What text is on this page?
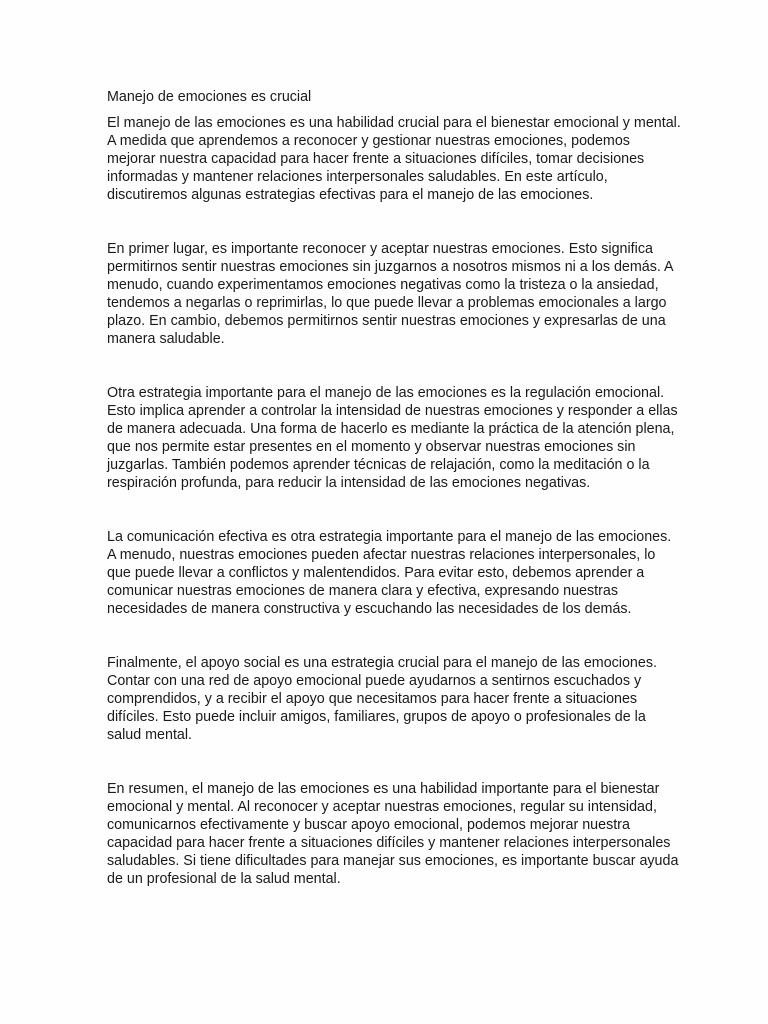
Manejo de emociones es crucial

El manejo de las emociones es una habilidad crucial para el bienestar emocional y mental.
A medida que aprendemos a reconocer y gestionar nuestras emociones, podemos
mejorar nuestra capacidad para hacer frente a situaciones difíciles, tomar decisiones
informadas y mantener relaciones interpersonales saludables. En este artículo,
discutiremos algunas estrategias efectivas para el manejo de las emociones.

En primer lugar, es importante reconocer y aceptar nuestras emociones. Esto significa
permitirnos sentir nuestras emociones sin juzgarnos a nosotros mismos ni a los demás. A
menudo, cuando experimentamos emociones negativas como la tristeza o la ansiedad,
tendemos a negarlas o reprimirlas, lo que puede llevar a problemas emocionales a largo
plazo. En cambio, debemos permitirnos sentir nuestras emociones y expresarlas de una
manera saludable.

Otra estrategia importante para el manejo de las emociones es la regulación emocional.
Esto implica aprender a controlar la intensidad de nuestras emociones y responder a ellas
de manera adecuada. Una forma de hacerlo es mediante la práctica de la atención plena,
que nos permite estar presentes en el momento y observar nuestras emociones sin
juzgarlas. También podemos aprender técnicas de relajación, como la meditación o la
respiración profunda, para reducir la intensidad de las emociones negativas.

La comunicación efectiva es otra estrategia importante para el manejo de las emociones.
A menudo, nuestras emociones pueden afectar nuestras relaciones interpersonales, lo
que puede llevar a conflictos y malentendidos. Para evitar esto, debemos aprender a
comunicar nuestras emociones de manera clara y efectiva, expresando nuestras
necesidades de manera constructiva y escuchando las necesidades de los demás.

Finalmente, el apoyo social es una estrategia crucial para el manejo de las emociones.
Contar con una red de apoyo emocional puede ayudarnos a sentirnos escuchados y
comprendidos, y a recibir el apoyo que necesitamos para hacer frente a situaciones
difíciles. Esto puede incluir amigos, familiares, grupos de apoyo o profesionales de la
salud mental.

En resumen, el manejo de las emociones es una habilidad importante para el bienestar
emocional y mental. Al reconocer y aceptar nuestras emociones, regular su intensidad,
comunicarnos efectivamente y buscar apoyo emocional, podemos mejorar nuestra
capacidad para hacer frente a situaciones difíciles y mantener relaciones interpersonales
saludables. Si tiene dificultades para manejar sus emociones, es importante buscar ayuda
de un profesional de la salud mental.
